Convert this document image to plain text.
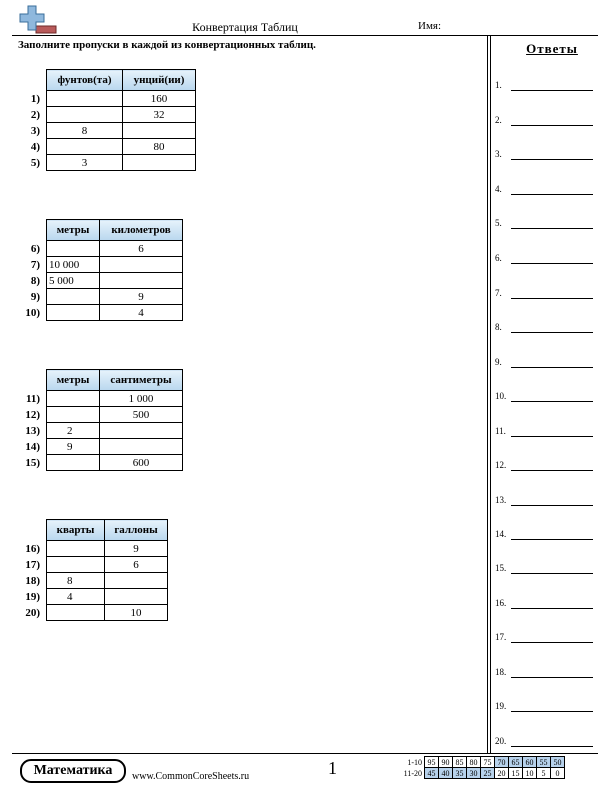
Конвертация Таблиц	Имя:
Заполните пропуски в каждой из конвертационных таблиц.
	фунтов(та)	унций(ии)
1)		160
2)		32
3)	8	
4)		80
5)	3	
	метры	километров
6)		6
7)	10 000	
8)	5 000	
9)		9
10)		4
	метры	сантиметры
11)		1 000
12)		500
13)	2	
14)	9	
15)		600
	кварты	галлоны
16)		9
17)		6
18)	8	
19)	4	
20)		10
Ответы
1.
2.
3.
4.
5.
6.
7.
8.
9.
10.
11.
12.
13.
14.
15.
16.
17.
18.
19.
20.
Математика	www.CommonCoreSheets.ru	1	1-10	95	90	85	80	75	70	65	60	55	50
11-20	45	40	35	30	25	20	15	10	5	0
